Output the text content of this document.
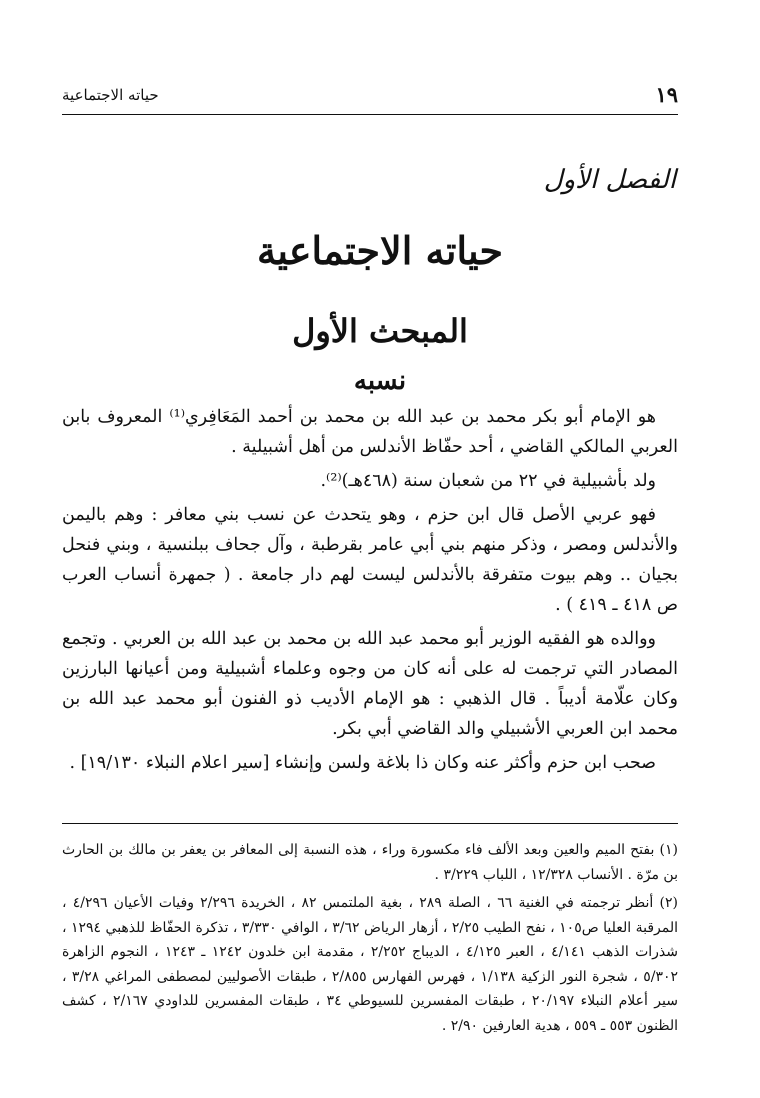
حياته الاجتماعية	١٩
الفصل الأول
حياته الاجتماعية
المبحث الأول
نسبه

هو الإمام أبو بكر محمد بن عبد الله بن محمد بن أحمد المَعَافِري⁽¹⁾ المعروف بابن العربي المالكي القاضي ، أحد حفّاظ الأندلس من أهل أشبيلية .

ولد بأشبيلية في ٢٢ من شعبان سنة (٤٦٨هـ)⁽²⁾.

فهو عربي الأصل قال ابن حزم ، وهو يتحدث عن نسب بني معافر : وهم باليمن والأندلس ومصر ، وذكر منهم بني أبي عامر بقرطبة ، وآل جحاف ببلنسية ، وبني فنحل بجيان .. وهم بيوت متفرقة بالأندلس ليست لهم دار جامعة . ( جمهرة أنساب العرب ص ٤١٨ ـ ٤١٩ ) .

ووالده هو الفقيه الوزير أبو محمد عبد الله بن محمد بن عبد الله بن العربي . وتجمع المصادر التي ترجمت له على أنه كان من وجوه وعلماء أشبيلية ومن أعيانها البارزين وكان علّامة أديباً . قال الذهبي : هو الإمام الأديب ذو الفنون أبو محمد عبد الله بن محمد ابن العربي الأشبيلي والد القاضي أبي بكر.

صحب ابن حزم وأكثر عنه وكان ذا بلاغة ولسن وإنشاء [سير اعلام النبلاء ١٩/١٣٠] .

(١) بفتح الميم والعين وبعد الألف فاء مكسورة وراء ، هذه النسبة إلى المعافر بن يعفر بن مالك بن الحارث بن مرّة . الأنساب ١٢/٣٢٨ ، اللباب ٣/٢٢٩ .

(٢) أنظر ترجمته في الغنية ٦٦ ، الصلة ٢٨٩ ، بغية الملتمس ٨٢ ، الخريدة ٢/٢٩٦ وفيات الأعيان ٤/٢٩٦ ، المرقبة العليا ص١٠٥ ، نفح الطيب ٢/٢٥ ، أزهار الرياض ٣/٦٢ ، الوافي ٣/٣٣٠ ، تذكرة الحفّاظ للذهبي ١٢٩٤ ، شذرات الذهب ٤/١٤١ ، العبر ٤/١٢٥ ، الديباج ٢/٢٥٢ ، مقدمة ابن خلدون ١٢٤٢ ـ ١٢٤٣ ، النجوم الزاهرة ٥/٣٠٢ ، شجرة النور الزكية ١/١٣٨ ، فهرس الفهارس ٢/٨٥٥ ، طبقات الأصوليين لمصطفى المراغي ٣/٢٨ ، سير أعلام النبلاء ٢٠/١٩٧ ، طبقات المفسرين للسيوطي ٣٤ ، طبقات المفسرين للداودي ٢/١٦٧ ، كشف الظنون ٥٥٣ ـ ٥٥٩ ، هدية العارفين ٢/٩٠ .
